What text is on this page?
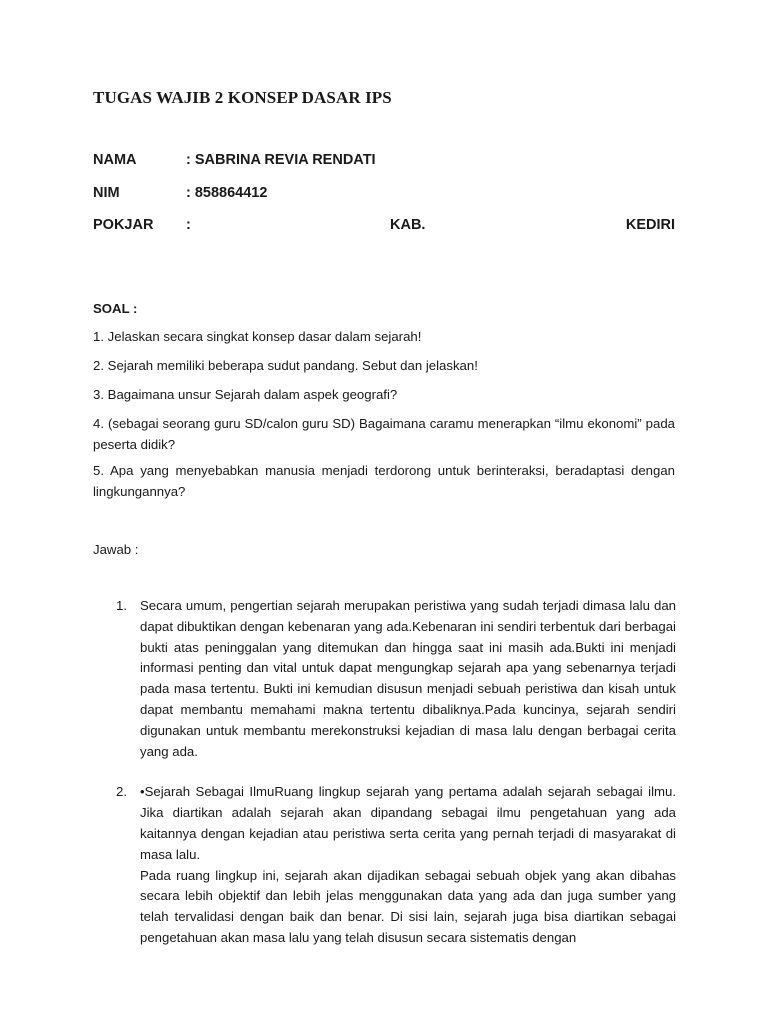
TUGAS WAJIB 2 KONSEP DASAR IPS
NAMA	: SABRINA REVIA RENDATI
NIM	: 858864412
POKJAR :	KAB.	KEDIRI
SOAL :
1. Jelaskan secara singkat konsep dasar dalam sejarah!
2. Sejarah memiliki beberapa sudut pandang. Sebut dan jelaskan!
3. Bagaimana unsur Sejarah dalam aspek geografi?
4. (sebagai seorang guru SD/calon guru SD) Bagaimana caramu menerapkan “ilmu ekonomi” pada peserta didik?
5. Apa yang menyebabkan manusia menjadi terdorong untuk berinteraksi, beradaptasi dengan lingkungannya?
Jawab :
1. Secara umum, pengertian sejarah merupakan peristiwa yang sudah terjadi dimasa lalu dan dapat dibuktikan dengan kebenaran yang ada.Kebenaran ini sendiri terbentuk dari berbagai bukti atas peninggalan yang ditemukan dan hingga saat ini masih ada.Bukti ini menjadi informasi penting dan vital untuk dapat mengungkap sejarah apa yang sebenarnya terjadi pada masa tertentu. Bukti ini kemudian disusun menjadi sebuah peristiwa dan kisah untuk dapat membantu memahami makna tertentu dibaliknya.Pada kuncinya, sejarah sendiri digunakan untuk membantu merekonstruksi kejadian di masa lalu dengan berbagai cerita yang ada.

2. •Sejarah Sebagai IlmuRuang lingkup sejarah yang pertama adalah sejarah sebagai ilmu. Jika diartikan adalah sejarah akan dipandang sebagai ilmu pengetahuan yang ada kaitannya dengan kejadian atau peristiwa serta cerita yang pernah terjadi di masyarakat di masa lalu.

Pada ruang lingkup ini, sejarah akan dijadikan sebagai sebuah objek yang akan dibahas secara lebih objektif dan lebih jelas menggunakan data yang ada dan juga sumber yang telah tervalidasi dengan baik dan benar. Di sisi lain, sejarah juga bisa diartikan sebagai pengetahuan akan masa lalu yang telah disusun secara sistematis dengan
